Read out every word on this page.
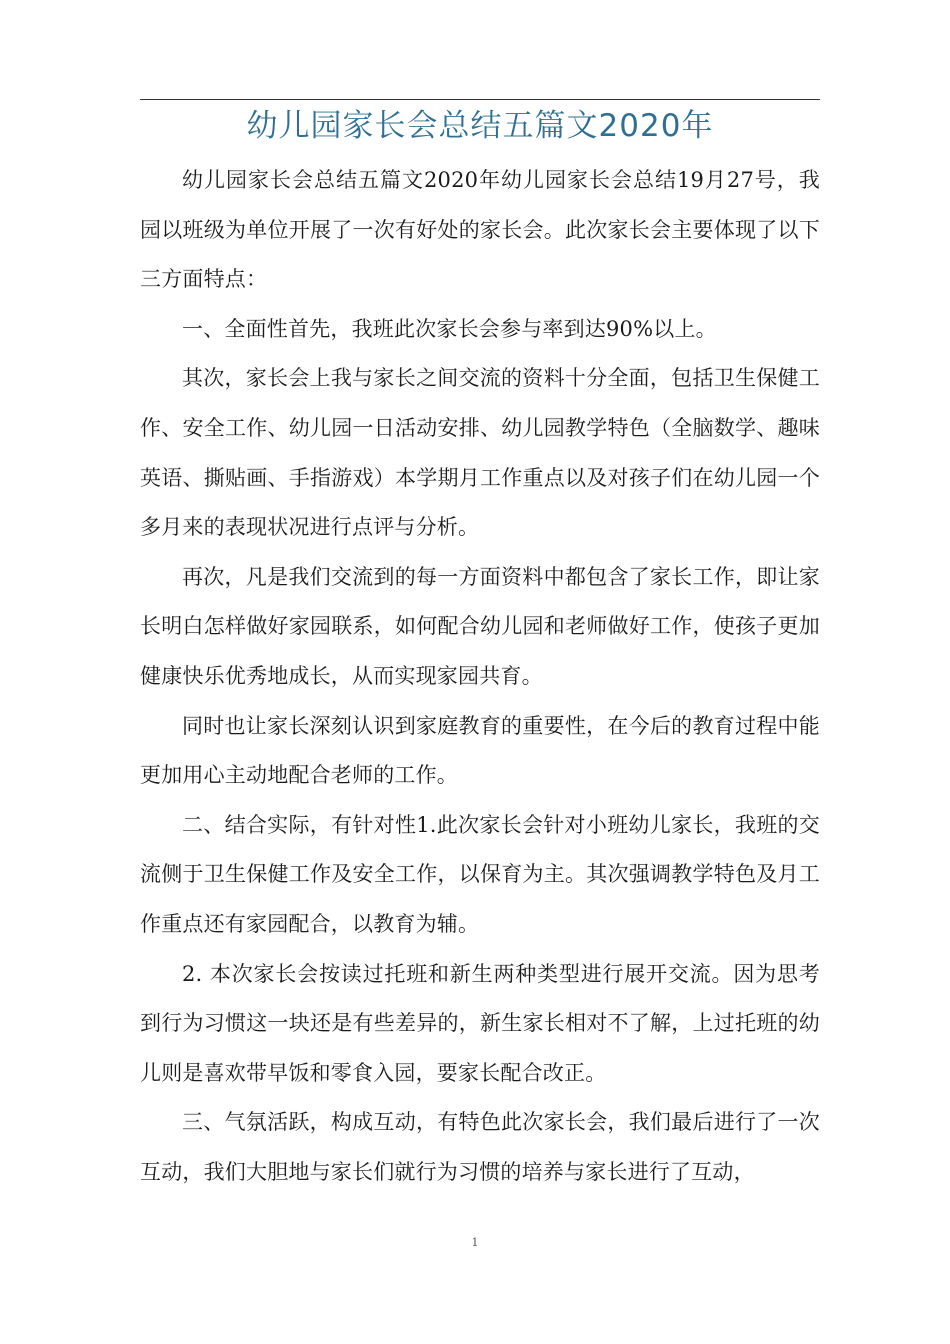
幼儿园家长会总结五篇文2020年

幼儿园家长会总结五篇文2020年幼儿园家长会总结19月27号，我园以班级为单位开展了一次有好处的家长会。此次家长会主要体现了以下三方面特点：

一、全面性首先，我班此次家长会参与率到达90%以上。

其次，家长会上我与家长之间交流的资料十分全面，包括卫生保健工作、安全工作、幼儿园一日活动安排、幼儿园教学特色（全脑数学、趣味英语、撕贴画、手指游戏）本学期月工作重点以及对孩子们在幼儿园一个多月来的表现状况进行点评与分析。

再次，凡是我们交流到的每一方面资料中都包含了家长工作，即让家长明白怎样做好家园联系，如何配合幼儿园和老师做好工作，使孩子更加健康快乐优秀地成长，从而实现家园共育。

同时也让家长深刻认识到家庭教育的重要性，在今后的教育过程中能更加用心主动地配合老师的工作。

二、结合实际，有针对性1.此次家长会针对小班幼儿家长，我班的交流侧于卫生保健工作及安全工作，以保育为主。其次强调教学特色及月工作重点还有家园配合，以教育为辅。

2. 本次家长会按读过托班和新生两种类型进行展开交流。因为思考到行为习惯这一块还是有些差异的，新生家长相对不了解，上过托班的幼儿则是喜欢带早饭和零食入园，要家长配合改正。

三、气氛活跃，构成互动，有特色此次家长会，我们最后进行了一次互动，我们大胆地与家长们就行为习惯的培养与家长进行了互动，

1
